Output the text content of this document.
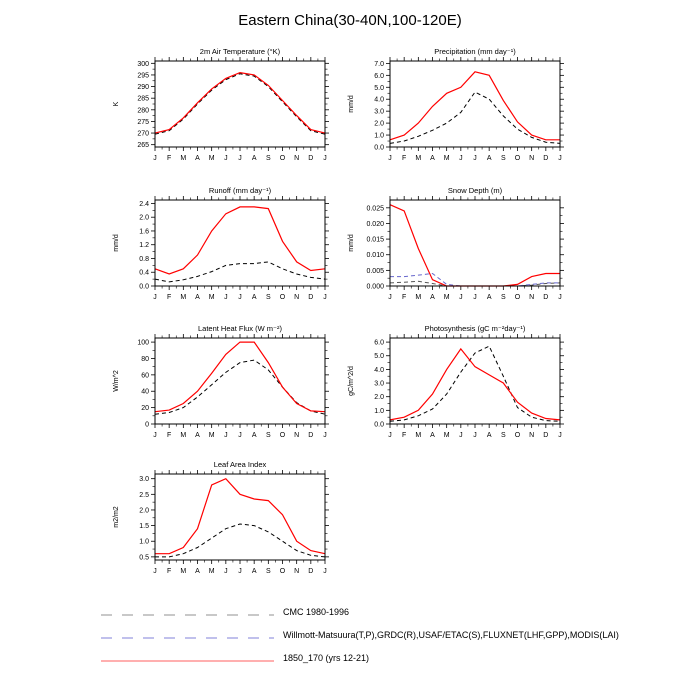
Eastern China(30-40N,100-120E)
2m Air Temperature (°K)
K
265
270
275
280
285
290
295
300
J F M A M J J A S O N D J
Precipitation (mm day⁻¹)
mm/d
0.0
1.0
2.0
3.0
4.0
5.0
6.0
7.0
J F M A M J J A S O N D J
Runoff (mm day⁻¹)
mm/d
0.0
0.4
0.8
1.2
1.6
2.0
2.4
J F M A M J J A S O N D J
Snow Depth (m)
mm/d
0.000
0.005
0.010
0.015
0.020
0.025
J F M A M J J A S O N D J
Latent Heat Flux (W m⁻²)
W/m^2
0
20
40
60
80
100
J F M A M J J A S O N D J
Photosynthesis (gC m⁻²day⁻¹)
gC/m^2/d
0.0
1.0
2.0
3.0
4.0
5.0
6.0
J F M A M J J A S O N D J
Leaf Area Index
m2/m2
0.5
1.0
1.5
2.0
2.5
3.0
J F M A M J J A S O N D J
CMC 1980-1996
Willmott-Matsuura(T,P),GRDC(R),USAF/ETAC(S),FLUXNET(LHF,GPP),MODIS(LAI)
1850_170 (yrs 12-21)
